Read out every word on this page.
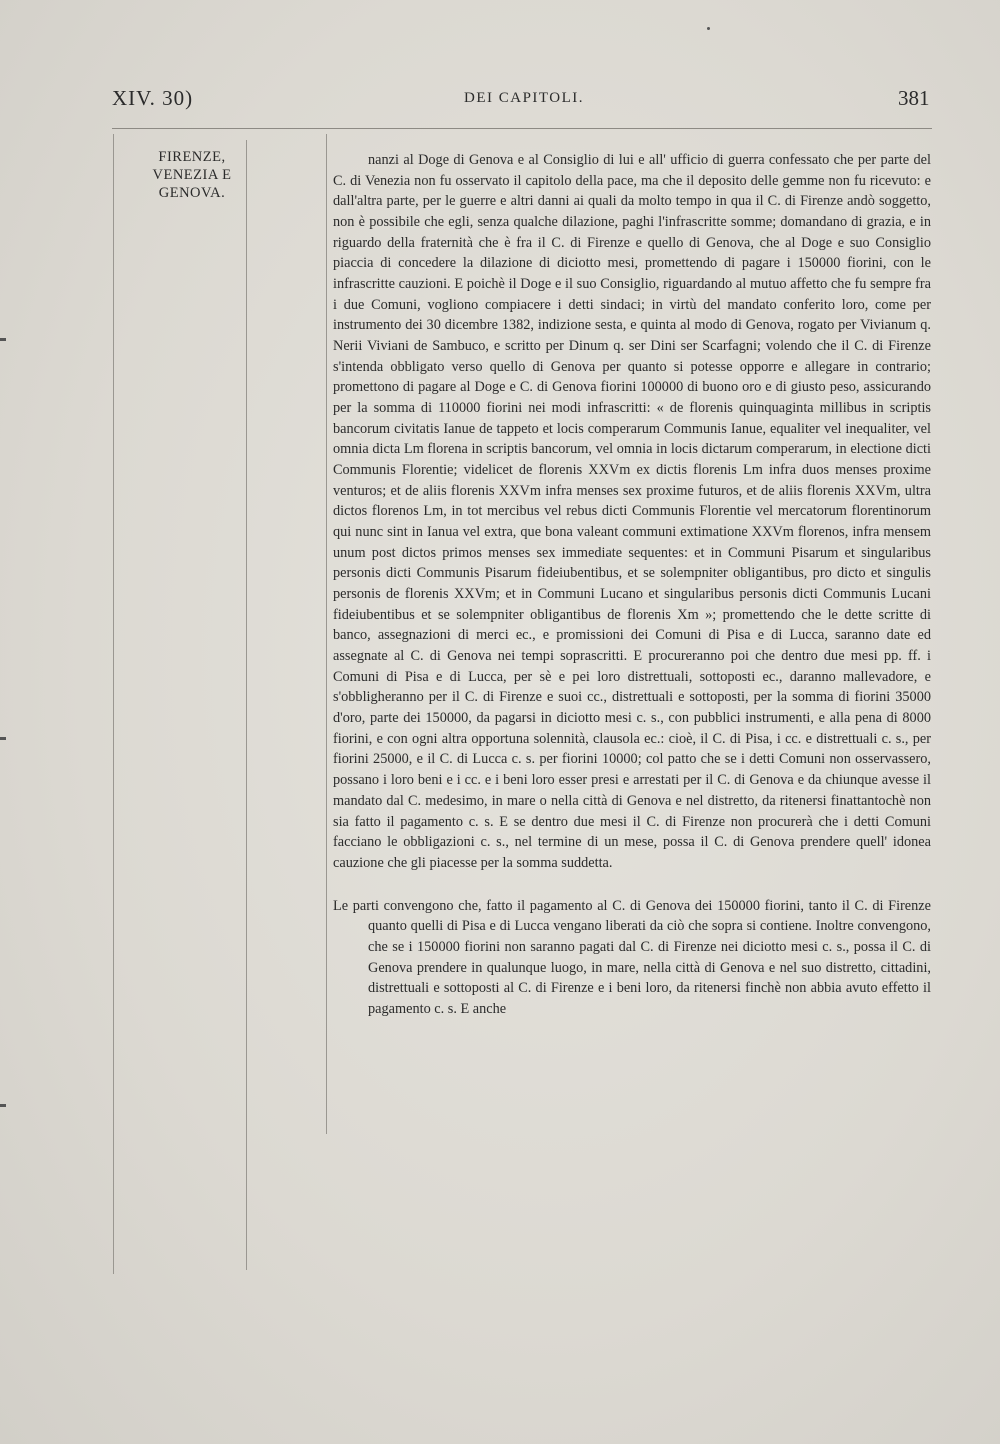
XIV. 30)	DEI CAPITOLI.	381
FIRENZE,
VENEZIA E
GENOVA.

nanzi al Doge di Genova e al Consiglio di lui e all' ufficio di guerra confessato che per parte del C. di Venezia non fu osservato il capitolo della pace, ma che il deposito delle gemme non fu ricevuto: e dall'altra parte, per le guerre e altri danni ai quali da molto tempo in qua il C. di Firenze andò soggetto, non è possibile che egli, senza qualche dilazione, paghi l'infrascritte somme; domandano di grazia, e in riguardo della fraternità che è fra il C. di Firenze e quello di Genova, che al Doge e suo Consiglio piaccia di concedere la dilazione di diciotto mesi, promettendo di pagare i 150000 fiorini, con le infrascritte cauzioni. E poichè il Doge e il suo Consiglio, riguardando al mutuo affetto che fu sempre fra i due Comuni, vogliono compiacere i detti sindaci; in virtù del mandato conferito loro, come per instrumento dei 30 dicembre 1382, indizione sesta, e quinta al modo di Genova, rogato per Vivianum q. Nerii Viviani de Sambuco, e scritto per Dinum q. ser Dini ser Scarfagni; volendo che il C. di Firenze s'intenda obbligato verso quello di Genova per quanto si potesse opporre e allegare in contrario; promettono di pagare al Doge e C. di Genova fiorini 100000 di buono oro e di giusto peso, assicurando per la somma di 110000 fiorini nei modi infrascritti: « de florenis quinquaginta millibus in scriptis bancorum civitatis Ianue de tappeto et locis comperarum Communis Ianue, equaliter vel inequaliter, vel omnia dicta Lm florena in scriptis bancorum, vel omnia in locis dictarum comperarum, in electione dicti Communis Florentie; videlicet de florenis XXVm ex dictis florenis Lm infra duos menses proxime venturos; et de aliis florenis XXVm infra menses sex proxime futuros, et de aliis florenis XXVm, ultra dictos florenos Lm, in tot mercibus vel rebus dicti Communis Florentie vel mercatorum florentinorum qui nunc sint in Ianua vel extra, que bona valeant communi extimatione XXVm florenos, infra mensem unum post dictos primos menses sex immediate sequentes: et in Communi Pisarum et singularibus personis dicti Communis Pisarum fideiubentibus, et se solempniter obligantibus, pro dicto et singulis personis de florenis XXVm; et in Communi Lucano et singularibus personis dicti Communis Lucani fideiubentibus et se solempniter obligantibus de florenis Xm »; promettendo che le dette scritte di banco, assegnazioni di merci ec., e promissioni dei Comuni di Pisa e di Lucca, saranno date ed assegnate al C. di Genova nei tempi soprascritti. E procureranno poi che dentro due mesi pp. ff. i Comuni di Pisa e di Lucca, per sè e pei loro distrettuali, sottoposti ec., daranno mallevadore, e s'obbligheranno per il C. di Firenze e suoi cc., distrettuali e sottoposti, per la somma di fiorini 35000 d'oro, parte dei 150000, da pagarsi in diciotto mesi c. s., con pubblici instrumenti, e alla pena di 8000 fiorini, e con ogni altra opportuna solennità, clausola ec.: cioè, il C. di Pisa, i cc. e distrettuali c. s., per fiorini 25000, e il C. di Lucca c. s. per fiorini 10000; col patto che se i detti Comuni non osservassero, possano i loro beni e i cc. e i beni loro esser presi e arrestati per il C. di Genova e da chiunque avesse il mandato dal C. medesimo, in mare o nella città di Genova e nel distretto, da ritenersi finattantochè non sia fatto il pagamento c. s. E se dentro due mesi il C. di Firenze non procurerà che i detti Comuni facciano le obbligazioni c. s., nel termine di un mese, possa il C. di Genova prendere quell' idonea cauzione che gli piacesse per la somma suddetta.

Le parti convengono che, fatto il pagamento al C. di Genova dei 150000 fiorini, tanto il C. di Firenze quanto quelli di Pisa e di Lucca vengano liberati da ciò che sopra si contiene. Inoltre convengono, che se i 150000 fiorini non saranno pagati dal C. di Firenze nei diciotto mesi c. s., possa il C. di Genova prendere in qualunque luogo, in mare, nella città di Genova e nel suo distretto, cittadini, distrettuali e sottoposti al C. di Firenze e i beni loro, da ritenersi finchè non abbia avuto effetto il pagamento c. s. E anche
